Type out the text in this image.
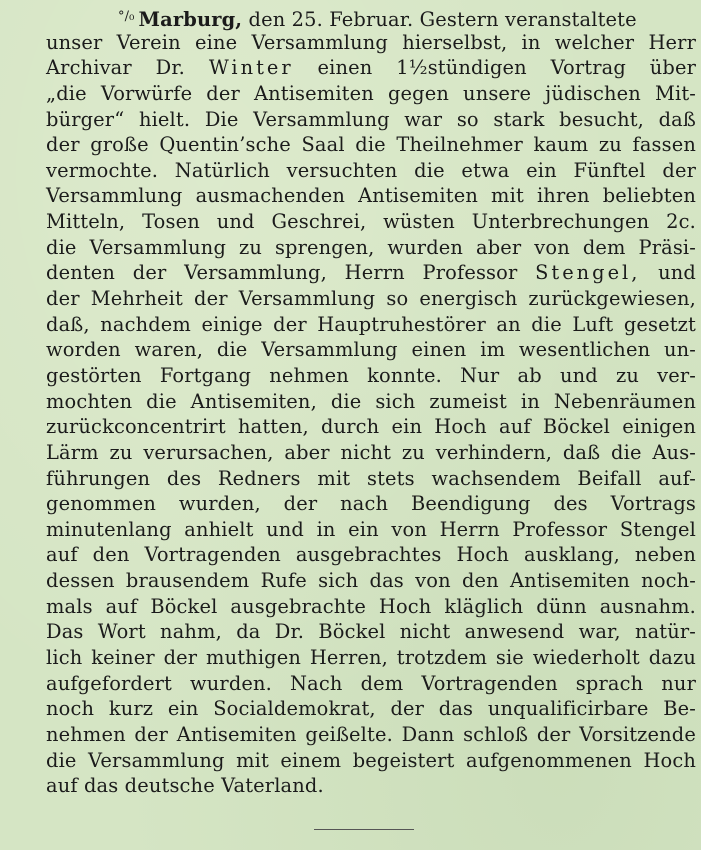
$^{^\circ/_0}$ Marburg, den 25. Februar. Gestern veranstaltete
unser Verein eine Versammlung hierselbst, in welcher Herr
Archivar Dr. Winter einen 1½stündigen Vortrag über
„die Vorwürfe der Antisemiten gegen unsere jüdischen Mit-
bürger“ hielt. Die Versammlung war so stark besucht, daß
der große Quentin’sche Saal die Theilnehmer kaum zu fassen
vermochte. Natürlich versuchten die etwa ein Fünftel der
Versammlung ausmachenden Antisemiten mit ihren beliebten
Mitteln, Tosen und Geschrei, wüsten Unterbrechungen 2c.
die Versammlung zu sprengen, wurden aber von dem Präsi-
denten der Versammlung, Herrn Professor Stengel, und
der Mehrheit der Versammlung so energisch zurückgewiesen,
daß, nachdem einige der Hauptruhestörer an die Luft gesetzt
worden waren, die Versammlung einen im wesentlichen un-
gestörten Fortgang nehmen konnte. Nur ab und zu ver-
mochten die Antisemiten, die sich zumeist in Nebenräumen
zurückconcentrirt hatten, durch ein Hoch auf Böckel einigen
Lärm zu verursachen, aber nicht zu verhindern, daß die Aus-
führungen des Redners mit stets wachsendem Beifall auf-
genommen wurden, der nach Beendigung des Vortrags
minutenlang anhielt und in ein von Herrn Professor Stengel
auf den Vortragenden ausgebrachtes Hoch ausklang, neben
dessen brausendem Rufe sich das von den Antisemiten noch-
mals auf Böckel ausgebrachte Hoch kläglich dünn ausnahm.
Das Wort nahm, da Dr. Böckel nicht anwesend war, natür-
lich keiner der muthigen Herren, trotzdem sie wiederholt dazu
aufgefordert wurden. Nach dem Vortragenden sprach nur
noch kurz ein Socialdemokrat, der das unqualificirbare Be-
nehmen der Antisemiten geißelte. Dann schloß der Vorsitzende
die Versammlung mit einem begeistert aufgenommenen Hoch
auf das deutsche Vaterland.
